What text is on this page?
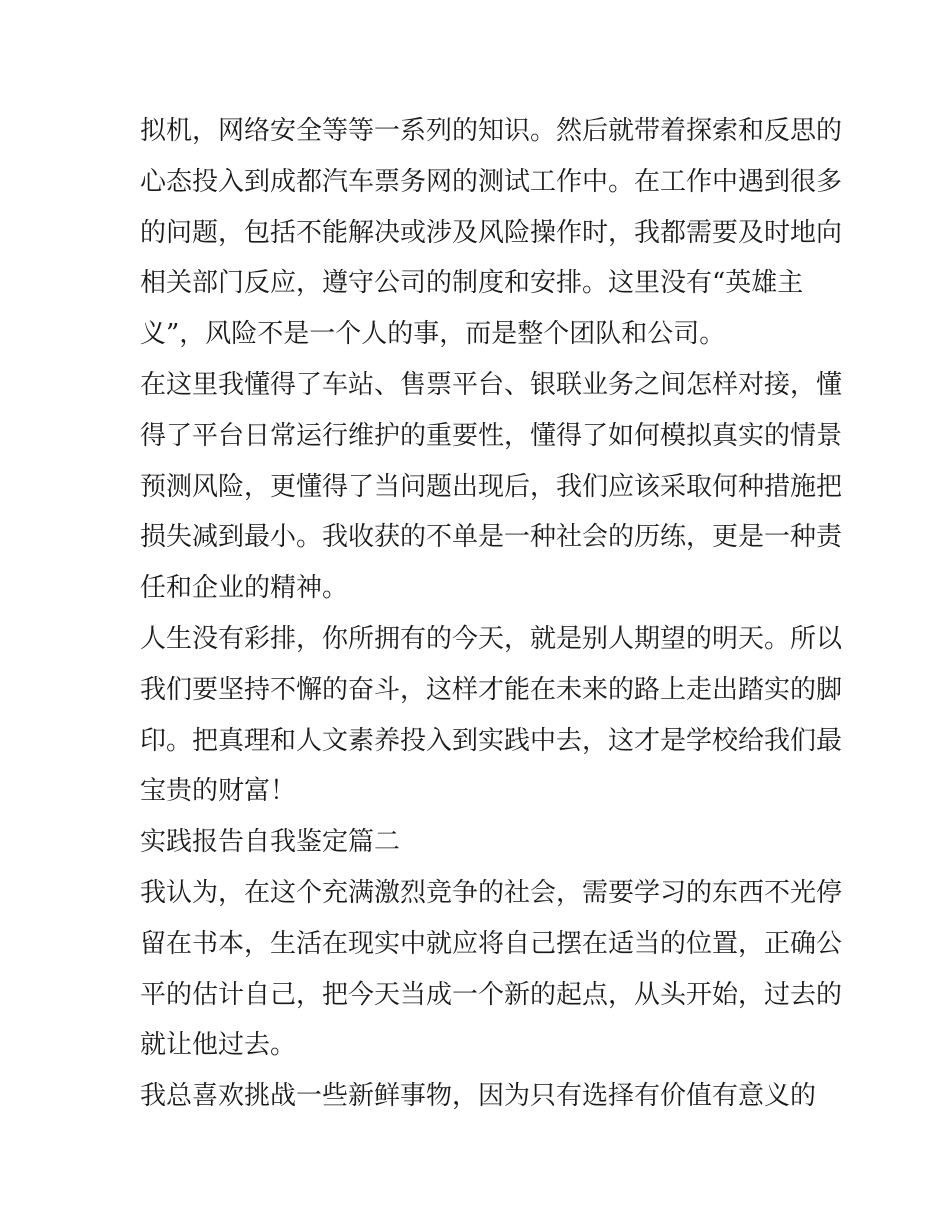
拟机，网络安全等等一系列的知识。然后就带着探索和反思的
心态投入到成都汽车票务网的测试工作中。在工作中遇到很多
的问题，包括不能解决或涉及风险操作时，我都需要及时地向
相关部门反应，遵守公司的制度和安排。这里没有“英雄主
义”，风险不是一个人的事，而是整个团队和公司。
在这里我懂得了车站、售票平台、银联业务之间怎样对接，懂
得了平台日常运行维护的重要性，懂得了如何模拟真实的情景
预测风险，更懂得了当问题出现后，我们应该采取何种措施把
损失减到最小。我收获的不单是一种社会的历练，更是一种责
任和企业的精神。
人生没有彩排，你所拥有的今天，就是别人期望的明天。所以
我们要坚持不懈的奋斗，这样才能在未来的路上走出踏实的脚
印。把真理和人文素养投入到实践中去，这才是学校给我们最
宝贵的财富！
实践报告自我鉴定篇二
我认为，在这个充满激烈竞争的社会，需要学习的东西不光停
留在书本，生活在现实中就应将自己摆在适当的位置，正确公
平的估计自己，把今天当成一个新的起点，从头开始，过去的
就让他过去。
我总喜欢挑战一些新鲜事物，因为只有选择有价值有意义的
